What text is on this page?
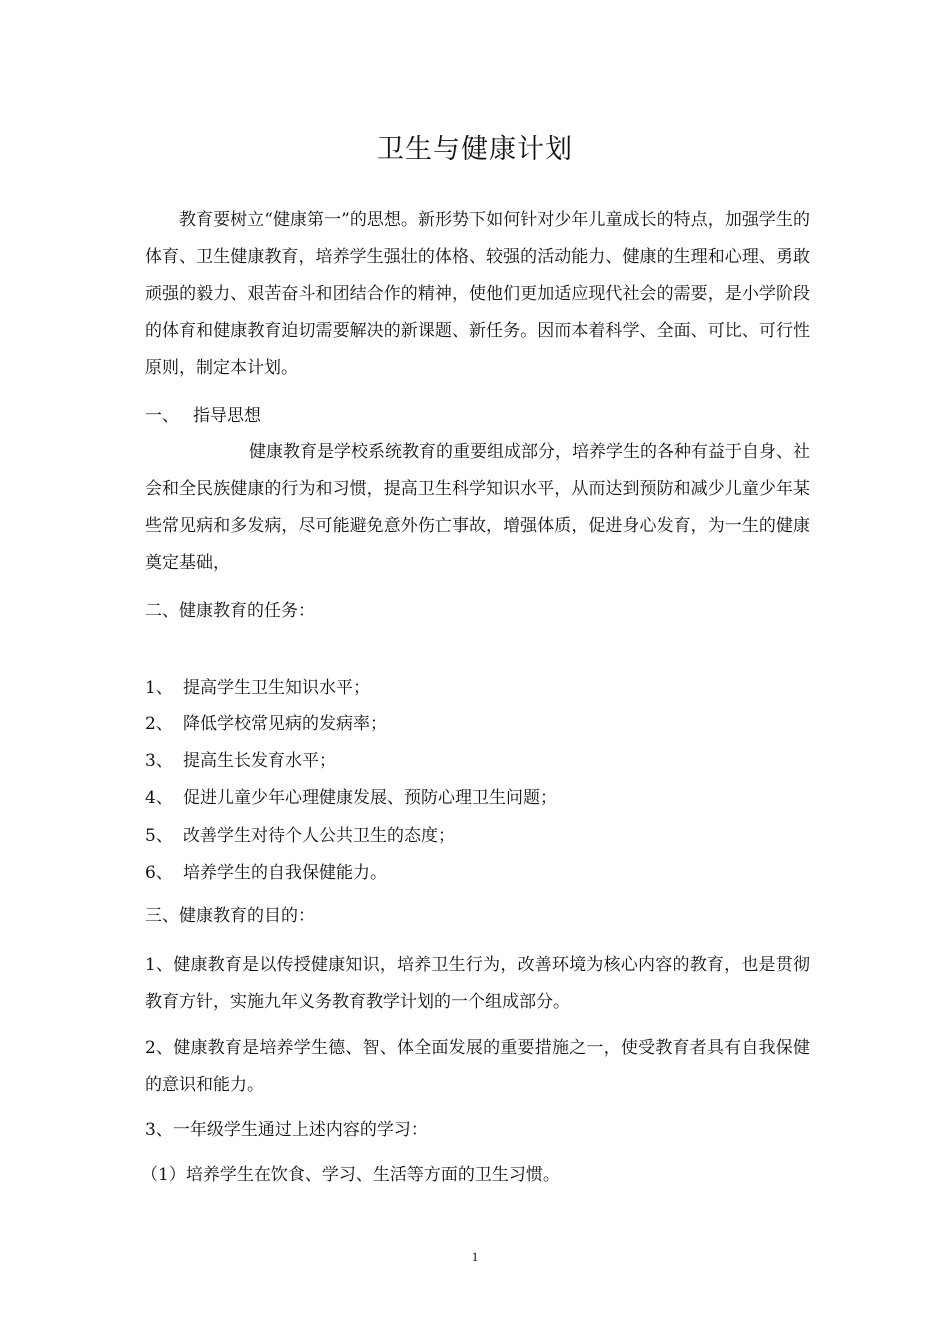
卫生与健康计划
教育要树立“健康第一”的思想。新形势下如何针对少年儿童成长的特点，加强学生的体育、卫生健康教育，培养学生强壮的体格、较强的活动能力、健康的生理和心理、勇敢顽强的毅力、艰苦奋斗和团结合作的精神，使他们更加适应现代社会的需要，是小学阶段的体育和健康教育迫切需要解决的新课题、新任务。因而本着科学、全面、可比、可行性原则，制定本计划。
一、 指导思想
健康教育是学校系统教育的重要组成部分，培养学生的各种有益于自身、社会和全民族健康的行为和习惯，提高卫生科学知识水平，从而达到预防和减少儿童少年某些常见病和多发病，尽可能避免意外伤亡事故，增强体质，促进身心发育，为一生的健康奠定基础，
二、健康教育的任务：
1、 提高学生卫生知识水平；
2、 降低学校常见病的发病率；
3、 提高生长发育水平；
4、 促进儿童少年心理健康发展、预防心理卫生问题；
5、 改善学生对待个人公共卫生的态度；
6、 培养学生的自我保健能力。
三、健康教育的目的：
1、健康教育是以传授健康知识，培养卫生行为，改善环境为核心内容的教育，也是贯彻教育方针，实施九年义务教育教学计划的一个组成部分。
2、健康教育是培养学生德、智、体全面发展的重要措施之一，使受教育者具有自我保健的意识和能力。
3、一年级学生通过上述内容的学习：
（1）培养学生在饮食、学习、生活等方面的卫生习惯。
1
